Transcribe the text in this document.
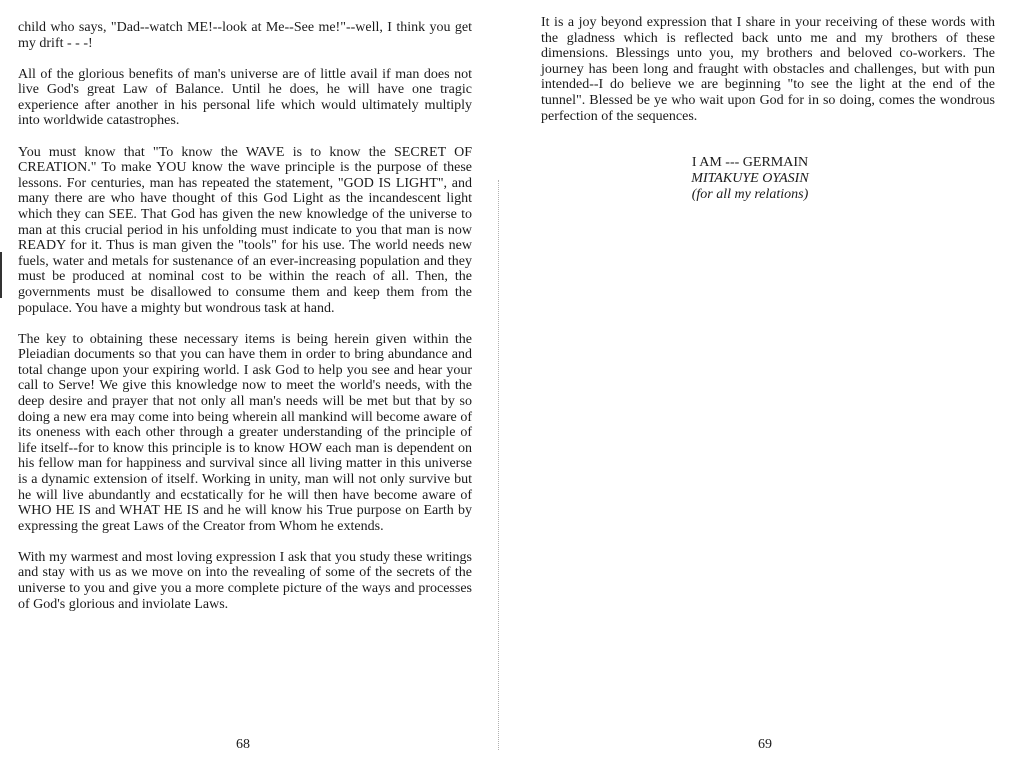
child who says, "Dad--watch ME!--look at Me--See me!"--well, I think you get my drift - - -!

All of the glorious benefits of man's universe are of little avail if man does not live God's great Law of Balance. Until he does, he will have one tragic experience after another in his personal life which would ultimately multiply into worldwide catastrophes.

You must know that "To know the WAVE is to know the SECRET OF CREATION." To make YOU know the wave principle is the purpose of these lessons. For centuries, man has repeated the statement, "GOD IS LIGHT", and many there are who have thought of this God Light as the incandescent light which they can SEE. That God has given the new knowledge of the universe to man at this crucial period in his unfolding must indicate to you that man is now READY for it. Thus is man given the "tools" for his use. The world needs new fuels, water and metals for sustenance of an ever-increasing population and they must be produced at nominal cost to be within the reach of all. Then, the governments must be disallowed to consume them and keep them from the populace. You have a mighty but wondrous task at hand.

The key to obtaining these necessary items is being herein given within the Pleiadian documents so that you can have them in order to bring abundance and total change upon your expiring world. I ask God to help you see and hear your call to Serve! We give this knowledge now to meet the world's needs, with the deep desire and prayer that not only all man's needs will be met but that by so doing a new era may come into being wherein all mankind will become aware of its oneness with each other through a greater understanding of the principle of life itself--for to know this principle is to know HOW each man is dependent on his fellow man for happiness and survival since all living matter in this universe is a dynamic extension of itself. Working in unity, man will not only survive but he will live abundantly and ecstatically for he will then have become aware of WHO HE IS and WHAT HE IS and he will know his True purpose on Earth by expressing the great Laws of the Creator from Whom he extends.

With my warmest and most loving expression I ask that you study these writings and stay with us as we move on into the revealing of some of the secrets of the universe to you and give you a more complete picture of the ways and processes of God's glorious and inviolate Laws.

It is a joy beyond expression that I share in your receiving of these words with the gladness which is reflected back unto me and my brothers of these dimensions. Blessings unto you, my brothers and beloved co-workers. The journey has been long and fraught with obstacles and challenges, but with pun intended--I do believe we are beginning "to see the light at the end of the tunnel". Blessed be ye who wait upon God for in so doing, comes the wondrous perfection of the sequences.

I AM --- GERMAIN
MITAKUYE OYASIN
(for all my relations)
68	69
